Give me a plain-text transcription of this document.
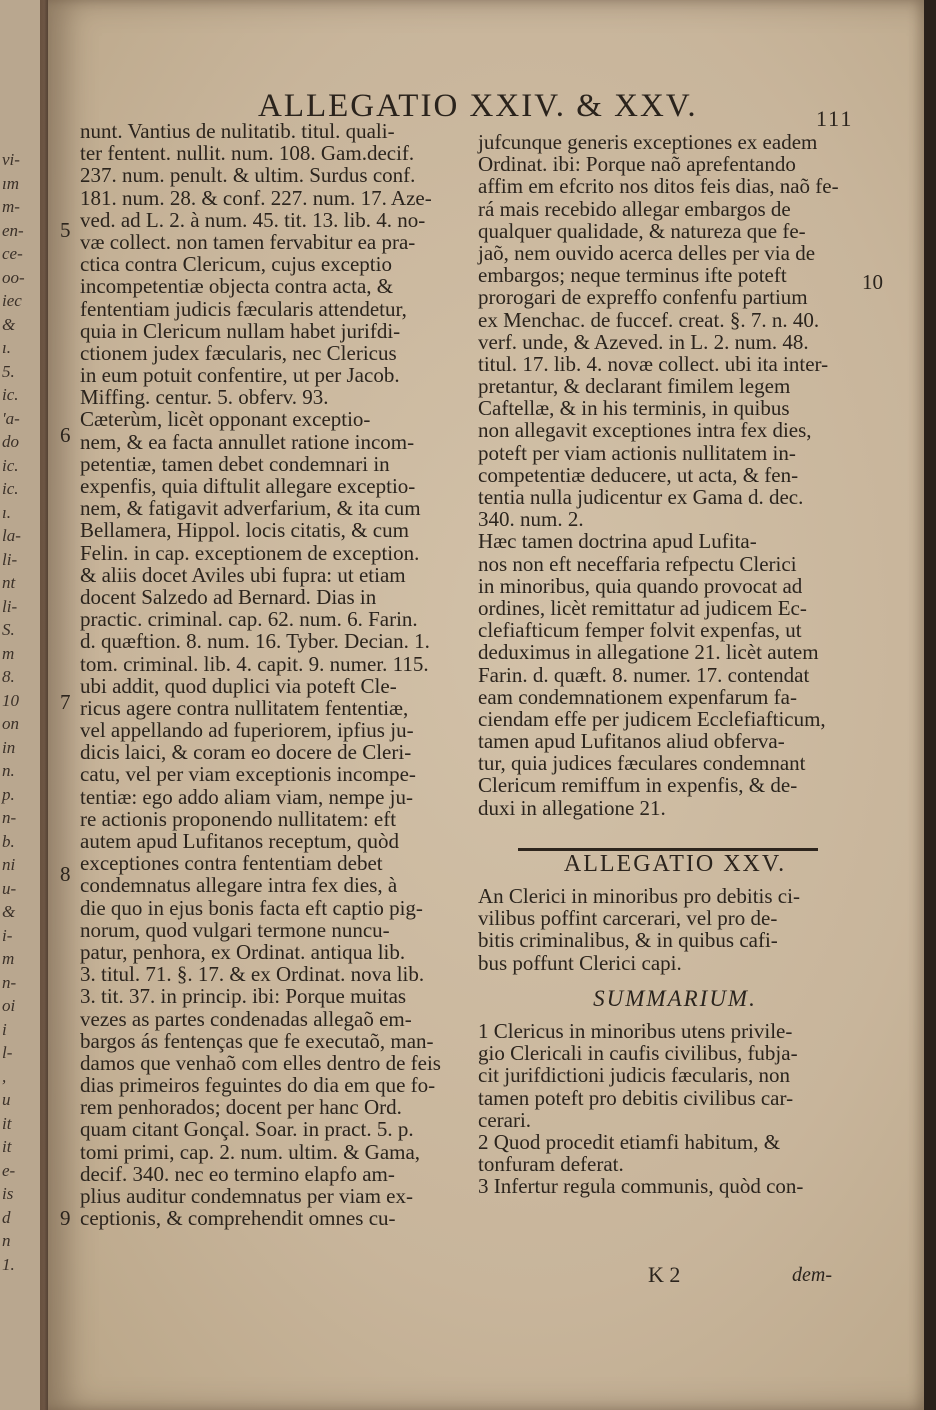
vi-
ım
m-
en-
ce-
oo-
iec
&
ı.
5.
ic.
'a-
do
ic.
ic.
ı.
la-
li-
nt
li-
S.
m
8.
10
on
in
n.
p.
n-
b.
ni
u-
&
i-
m
n-
oi
i
l-
,
u
it
it
e-
is
d
n
1.
ALLEGATIO XXIV. & XXV.	111
nunt. Vantius de nulitatib. titul. quali-
ter fentent. nullit. num. 108. Gam.decif.
237. num. penult. & ultim. Surdus conf.
181. num. 28. & conf. 227. num. 17. Aze-
ved. ad L. 2. à num. 45. tit. 13. lib. 4. no-
væ collect. non tamen fervabitur ea pra-
ctica contra Clericum, cujus exceptio
incompetentiæ objecta contra acta, &
fententiam judicis fæcularis attendetur,
quia in Clericum nullam habet jurifdi-
ctionem judex fæcularis, nec Clericus
in eum potuit confentire, ut per Jacob.
Miffing. centur. 5. obferv. 93.
Cæterùm, licèt opponant exceptio-
nem, & ea facta annullet ratione incom-
petentiæ, tamen debet condemnari in
expenfis, quia diftulit allegare exceptio-
nem, & fatigavit adverfarium, & ita cum
Bellamera, Hippol. locis citatis, & cum
Felin. in cap. exceptionem de exception.
& aliis docet Aviles ubi fupra: ut etiam
docent Salzedo ad Bernard. Dias in
practic. criminal. cap. 62. num. 6. Farin.
d. quæftion. 8. num. 16. Tyber. Decian. 1.
tom. criminal. lib. 4. capit. 9. numer. 115.
ubi addit, quod duplici via poteft Cle-
ricus agere contra nullitatem fententiæ,
vel appellando ad fuperiorem, ipfius ju-
dicis laici, & coram eo docere de Cleri-
catu, vel per viam exceptionis incompe-
tentiæ: ego addo aliam viam, nempe ju-
re actionis proponendo nullitatem: eft
autem apud Lufitanos receptum, quòd
exceptiones contra fententiam debet
condemnatus allegare intra fex dies, à
die quo in ejus bonis facta eft captio pig-
norum, quod vulgari termone nuncu-
patur, penhora, ex Ordinat. antiqua lib.
3. titul. 71. §. 17. & ex Ordinat. nova lib.
3. tit. 37. in princip. ibi: Porque muitas
vezes as partes condenadas allegaõ em-
bargos ás fentenças que fe executaõ, man-
damos que venhaõ com elles dentro de feis
dias primeiros feguintes do dia em que fo-
rem penhorados; docent per hanc Ord.
quam citant Gonçal. Soar. in pract. 5. p.
tomi primi, cap. 2. num. ultim. & Gama,
decif. 340. nec eo termino elapfo am-
plius auditur condemnatus per viam ex-
ceptionis, & comprehendit omnes cu-
jufcunque generis exceptiones ex eadem
Ordinat. ibi: Porque naõ aprefentando
affim em efcrito nos ditos feis dias, naõ fe-
rá mais recebido allegar embargos de
qualquer qualidade, & natureza que fe-
jaõ, nem ouvido acerca delles per via de
embargos; neque terminus ifte poteft
prorogari de expreffo confenfu partium
ex Menchac. de fuccef. creat. §. 7. n. 40.
verf. unde, & Azeved. in L. 2. num. 48.
titul. 17. lib. 4. novæ collect. ubi ita inter-
pretantur, & declarant fimilem legem
Caftellæ, & in his terminis, in quibus
non allegavit exceptiones intra fex dies,
poteft per viam actionis nullitatem in-
competentiæ deducere, ut acta, & fen-
tentia nulla judicentur ex Gama d. dec.
340. num. 2.
Hæc tamen doctrina apud Lufita-
nos non eft neceffaria refpectu Clerici
in minoribus, quia quando provocat ad
ordines, licèt remittatur ad judicem Ec-
clefiafticum femper folvit expenfas, ut
deduximus in allegatione 21. licèt autem
Farin. d. quæft. 8. numer. 17. contendat
eam condemnationem expenfarum fa-
ciendam effe per judicem Ecclefiafticum,
tamen apud Lufitanos aliud obferva-
tur, quia judices fæculares condemnant
Clericum remiffum in expenfis, & de-
duxi in allegatione 21.
ALLEGATIO XXV.
An Clerici in minoribus pro debitis ci-
vilibus poffint carcerari, vel pro de-
bitis criminalibus, & in quibus cafi-
bus poffunt Clerici capi.
SUMMARIUM.
1 Clericus in minoribus utens privile-
gio Clericali in caufis civilibus, fubja-
cit jurifdictioni judicis fæcularis, non
tamen poteft pro debitis civilibus car-
cerari.
2 Quod procedit etiamfi habitum, &
tonfuram deferat.
3 Infertur regula communis, quòd con-
5
6
7
8
9
10
K 2	dem-
